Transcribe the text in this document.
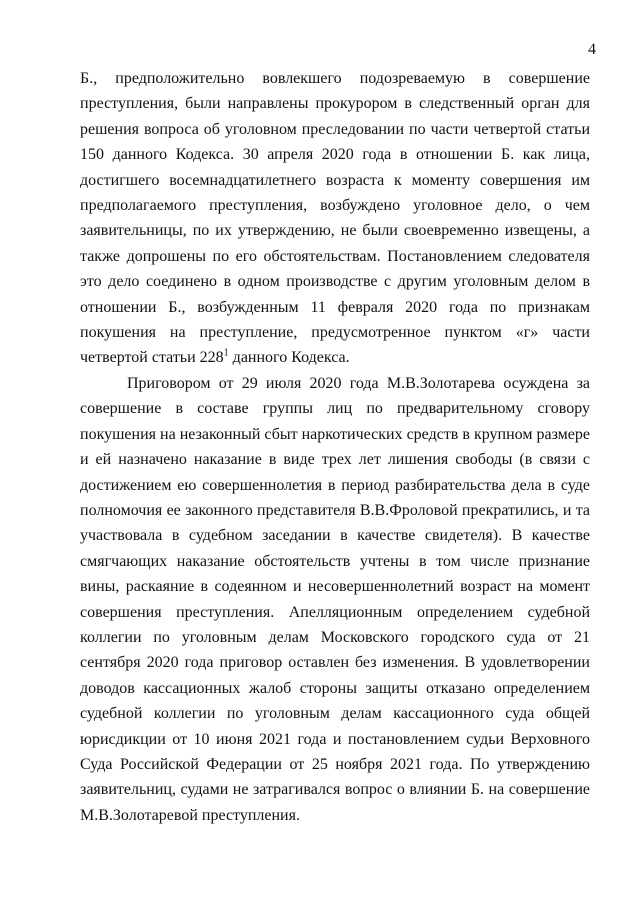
4

Б., предположительно вовлекшего подозреваемую в совершение преступления, были направлены прокурором в следственный орган для решения вопроса об уголовном преследовании по части четвертой статьи 150 данного Кодекса. 30 апреля 2020 года в отношении Б. как лица, достигшего восемнадцатилетнего возраста к моменту совершения им предполагаемого преступления, возбуждено уголовное дело, о чем заявительницы, по их утверждению, не были своевременно извещены, а также допрошены по его обстоятельствам. Постановлением следователя это дело соединено в одном производстве с другим уголовным делом в отношении Б., возбужденным 11 февраля 2020 года по признакам покушения на преступление, предусмотренное пунктом «г» части четвертой статьи $228^1$ данного Кодекса.

Приговором от 29 июля 2020 года М.В.Золотарева осуждена за совершение в составе группы лиц по предварительному сговору покушения на незаконный сбыт наркотических средств в крупном размере и ей назначено наказание в виде трех лет лишения свободы (в связи с достижением ею совершеннолетия в период разбирательства дела в суде полномочия ее законного представителя В.В.Фроловой прекратились, и та участвовала в судебном заседании в качестве свидетеля). В качестве смягчающих наказание обстоятельств учтены в том числе признание вины, раскаяние в содеянном и несовершеннолетний возраст на момент совершения преступления. Апелляционным определением судебной коллегии по уголовным делам Московского городского суда от 21 сентября 2020 года приговор оставлен без изменения. В удовлетворении доводов кассационных жалоб стороны защиты отказано определением судебной коллегии по уголовным делам кассационного суда общей юрисдикции от 10 июня 2021 года и постановлением судьи Верховного Суда Российской Федерации от 25 ноября 2021 года. По утверждению заявительниц, судами не затрагивался вопрос о влиянии Б. на совершение М.В.Золотаревой преступления.
